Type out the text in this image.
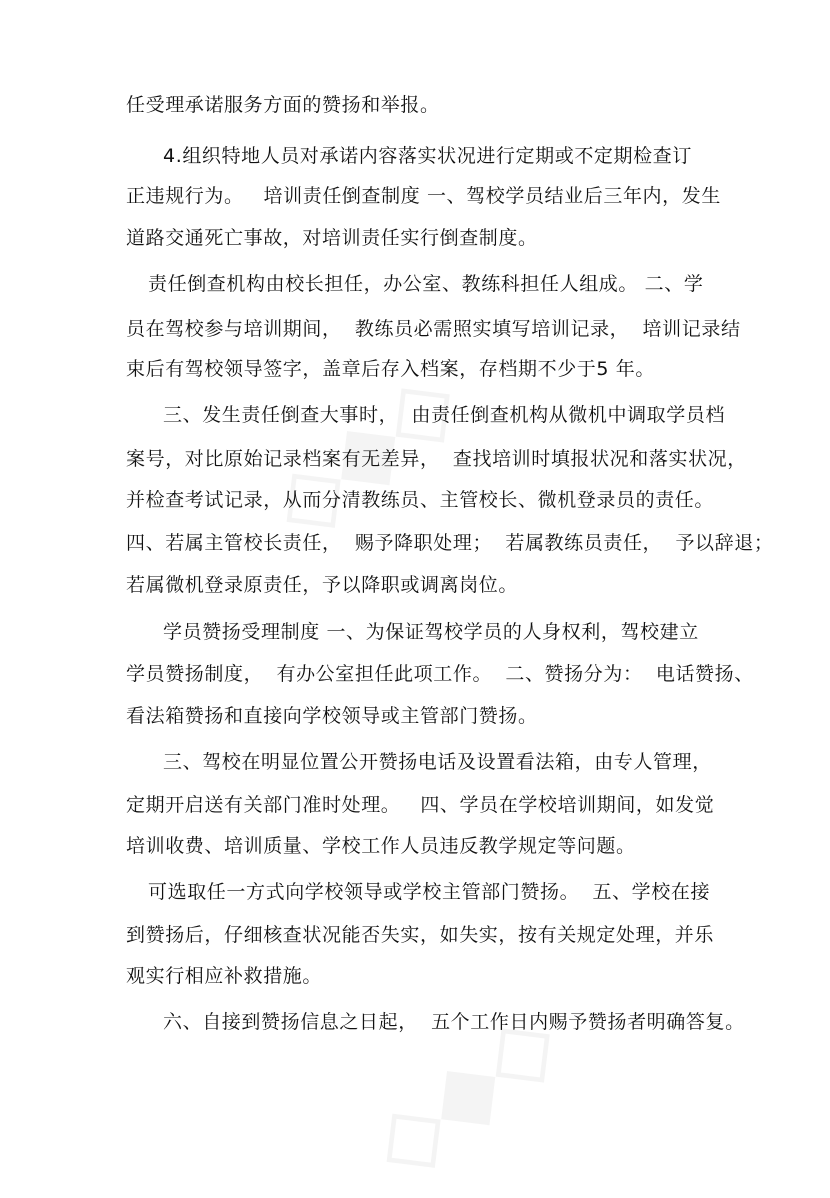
任受理承诺服务方面的赞扬和举报。
4.组织特地人员对承诺内容落实状况进行定期或不定期检查订
正违规行为。   培训责任倒查制度 一、驾校学员结业后三年内，发生
道路交通死亡事故，对培训责任实行倒查制度。
责任倒查机构由校长担任，办公室、教练科担任人组成。 二、学
员在驾校参与培训期间，  教练员必需照实填写培训记录，  培训记录结
束后有驾校领导签字，盖章后存入档案，存档期不少于5 年。
三、发生责任倒查大事时，  由责任倒查机构从微机中调取学员档
案号，对比原始记录档案有无差异，  查找培训时填报状况和落实状况，
并检查考试记录，从而分清教练员、主管校长、微机登录员的责任。
四、若属主管校长责任，  赐予降职处理；  若属教练员责任，  予以辞退；
若属微机登录原责任，予以降职或调离岗位。
学员赞扬受理制度 一、为保证驾校学员的人身权利，驾校建立
学员赞扬制度，  有办公室担任此项工作。  二、赞扬分为：  电话赞扬、
看法箱赞扬和直接向学校领导或主管部门赞扬。
三、驾校在明显位置公开赞扬电话及设置看法箱，由专人管理，
定期开启送有关部门准时处理。   四、学员在学校培训期间，如发觉
培训收费、培训质量、学校工作人员违反教学规定等问题。
可选取任一方式向学校领导或学校主管部门赞扬。  五、学校在接
到赞扬后，仔细核查状况能否失实，如失实，按有关规定处理，并乐
观实行相应补救措施。
六、自接到赞扬信息之日起，  五个工作日内赐予赞扬者明确答复。
